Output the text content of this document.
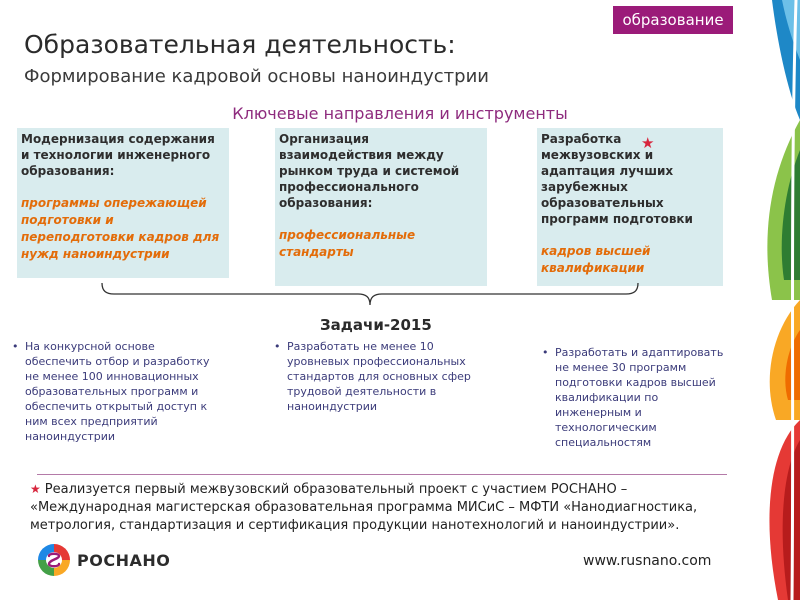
образование
Образовательная деятельность:
Формирование кадровой основы наноиндустрии
Ключевые направления и инструменты
Модернизация содержания и технологии инженерного образования:
программы опережающей подготовки и переподготовки кадров для нужд наноиндустрии
Организация взаимодействия между рынком труда и системой профессионального образования:
профессиональные стандарты
Разработка межвузовских и адаптация лучших зарубежных образовательных программ подготовки
кадров высшей квалификации
★
Задачи-2015
• На конкурсной основе обеспечить отбор и разработку не менее 100 инновационных образовательных программ и обеспечить открытый доступ к ним всех предприятий наноиндустрии
• Разработать не менее 10 уровневых профессиональных стандартов для основных сфер трудовой деятельности в наноиндустрии
• Разработать и адаптировать не менее 30 программ подготовки кадров высшей квалификации по инженерным и технологическим специальностям
★ Реализуется первый межвузовский образовательный проект с участием РОСНАНО – «Международная магистерская образовательная программа МИСиС – МФТИ «Нанодиагностика, метрология, стандартизация и сертификация продукции нанотехнологий и наноиндустрии».
РОСНАНО	www.rusnano.com
